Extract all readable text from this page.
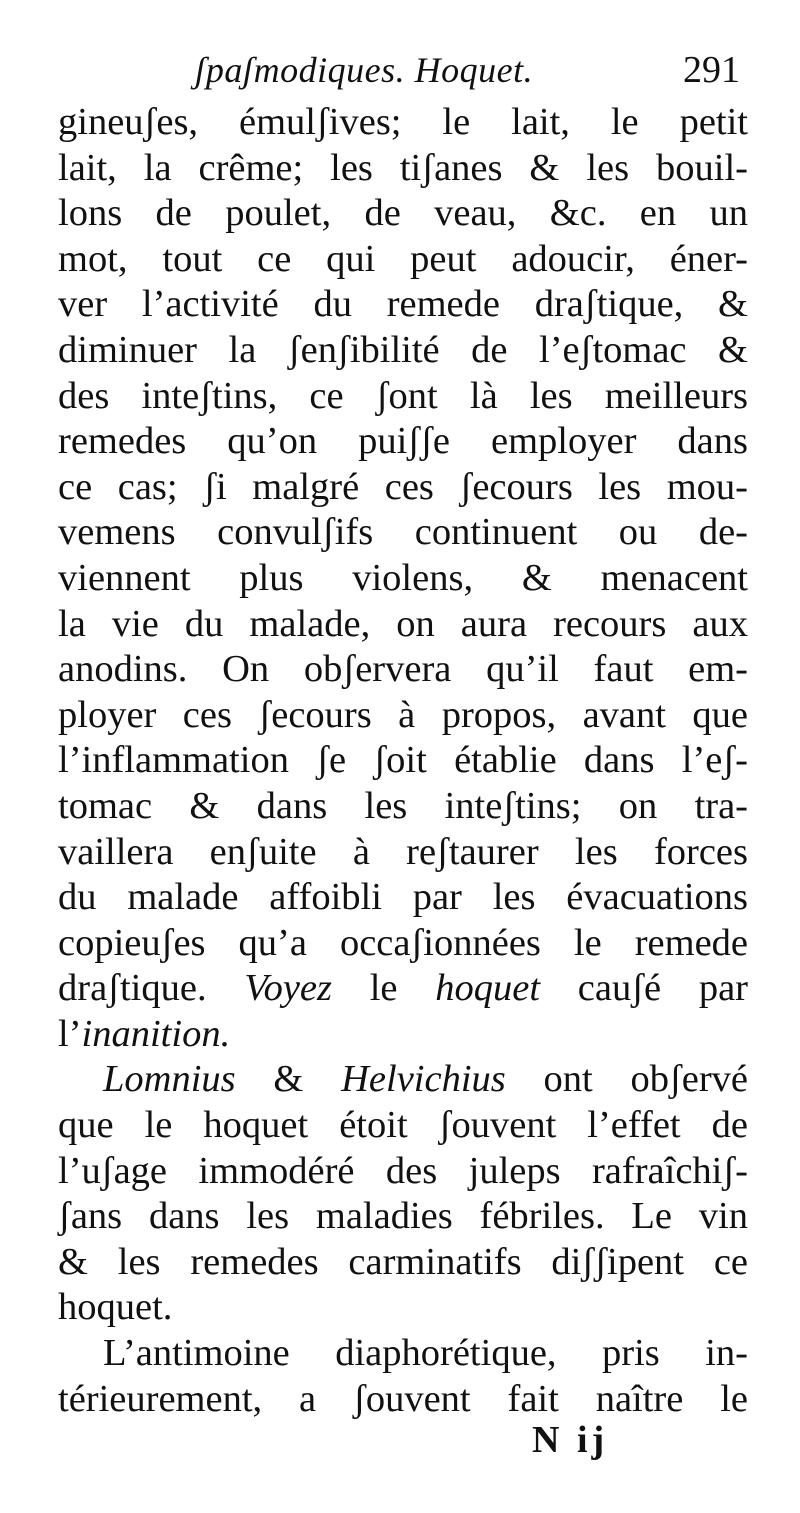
ʃpaʃmodiques. Hoquet.	291
gineuʃes, émulʃives; le lait, le petit
lait, la crême; les tiʃanes & les bouil-
lons de poulet, de veau, &c. en un
mot, tout ce qui peut adoucir, éner-
ver l’activité du remede draʃtique, &
diminuer la ʃenʃibilité de l’eʃtomac &
des inteʃtins, ce ʃont là les meilleurs
remedes qu’on puiʃʃe employer dans
ce cas; ʃi malgré ces ʃecours les mou-
vemens convulʃifs continuent ou de-
viennent plus violens, & menacent
la vie du malade, on aura recours aux
anodins. On obʃervera qu’il faut em-
ployer ces ʃecours à propos, avant que
l’inflammation ʃe ʃoit établie dans l’eʃ-
tomac & dans les inteʃtins; on tra-
vaillera enʃuite à reʃtaurer les forces
du malade affoibli par les évacuations
copieuʃes qu’a occaʃionnées le remede
draʃtique. Voyez le hoquet cauʃé par
l’inanition.
Lomnius & Helvichius ont obʃervé
que le hoquet étoit ʃouvent l’effet de
l’uʃage immodéré des juleps rafraîchiʃ-
ʃans dans les maladies fébriles. Le vin
& les remedes carminatifs diʃʃipent ce
hoquet.
L’antimoine diaphorétique, pris in-
térieurement, a ʃouvent fait naître le
N ij
